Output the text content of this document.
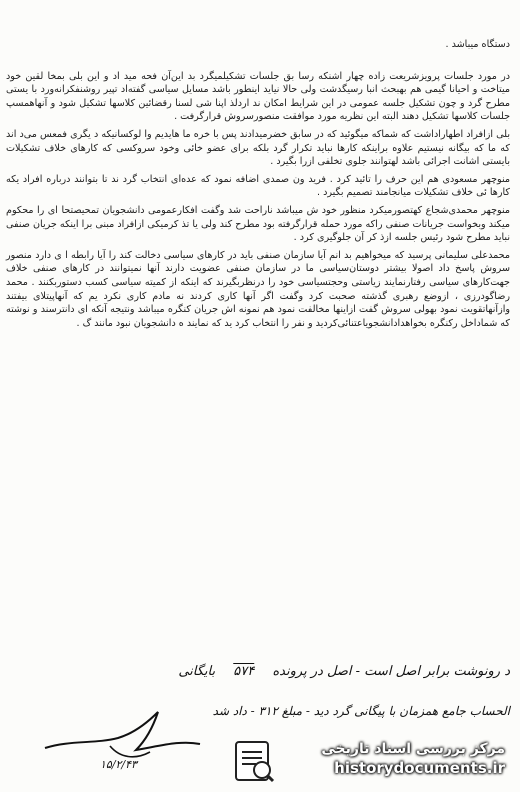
دستگاه میباشد .

در مورد جلسات پرویزشریعت زاده چهار اشنکه رسا بق جلسات تشکیلمیگرد بد این‌آن فحه مید اد و این بلی بمخا لقین خود میتاخت و احیانا گیمی هم بهبحث انبا رسیگدشت ولی حالا نیاید اینطور باشد مسایل سیاسی گفته‌اد تپیر روشنفکرانه‌ورد با یستی مطرح گرد و چون تشکیل جلسه عمومی در این شرایط امکان ند اردلذ اپنا شی لسنا رقضائین کلاسها تشکیل شود و آنهاهمسپ جلسات کلاسها تشکیل دهند البته این نظریه مورد موافقت منصورسروش قرارگرفت .

بلی ازافراد اطهاراداشت که شماکه میگوئید که در سابق خضرمیدادند پس با خره ما هایدیم وا لوکسانیکه د یگری فمعس می‌د اند که ما که بیگانه نیستیم علاوه براینکه کارها نباید تکرار گرد بلکه برای عضو خائی وخود سروکسی که کارهای خلاف تشکیلات بایستی اشانت اجرائی باشد لهتوانند جلوی تخلفی ازرا بگیرد .

منوچهر مسعودی هم این حرف را تائید کرد . فرید ون صمدی اضافه نمود که عده‌ای انتخاب گرد ند تا بتوانند درباره افراد یکه کارها ئی خلاف تشکیلات میانجامند تصمیم بگیرد .

منوچهر محمدی‌شجاع کهتصورمیکرد منظور خود ش میباشد ناراحت شد وگفت افکارعمومی دانشجویان تمحیصتحا ای را محکوم میکند وبخواست جریانات صنفی راکه مورد حمله قرارگرفته بود مطرح کند ولی یا تذ کرمیکی ازافراد مبنی برا اینکه جریان صنفی نباید مطرح شود رئیس جلسه ازذ کر آن جلوگیری کرد .

محمدعلی سلیمانی پرسید که میخواهیم بد انم آیا سازمان صنفی باید در کارهای سیاسی دخالت کند را آیا رابطه ا ی دارد منصور سروش پاسخ داد اصولا بیشتر دوستان‌سیاسی ما در سازمان صنفی عضویت دارند آنها نمیتوانند در کارهای صنفی خلاف جهت‌کارهای سیاسی رفتارنمایند زیاستی وحجتسیاسی خود را درنظربگیرند که اینکه از کمیته سیاسی کسب دستوربکنند . محمد رضاگودرزی ، ازوضع رهبری گذشته صحبت کرد وگفت اگر آنها کاری کردند نه مادم کاری نکرد یم که آنهاپیتلای بیفتند وازآنهاتقویت نمود بهولی سروش گفت ازاینها مخالفت نمود هم نمونه اش جریان کنگره میباشد ونتیجه آنکه ای دانترسند و نوشته که شماداخل رکنگره بخواهدادانشجویاعتنائی‌کردید و نفر را انتخاب کرد ید که نمایند ه دانشجویان نبود مانند گ .

د رونوشت برابر اصل است - اصل در پرونده ۵۷۴ بایگانی
الحساب جامع همزمان با پیگانی گرد دید - مبلغ ۳۱۲ - داد شد
۱۵/۲/۴۳
مرکز بررسی اسناد تاریخی
historydocuments.ir
